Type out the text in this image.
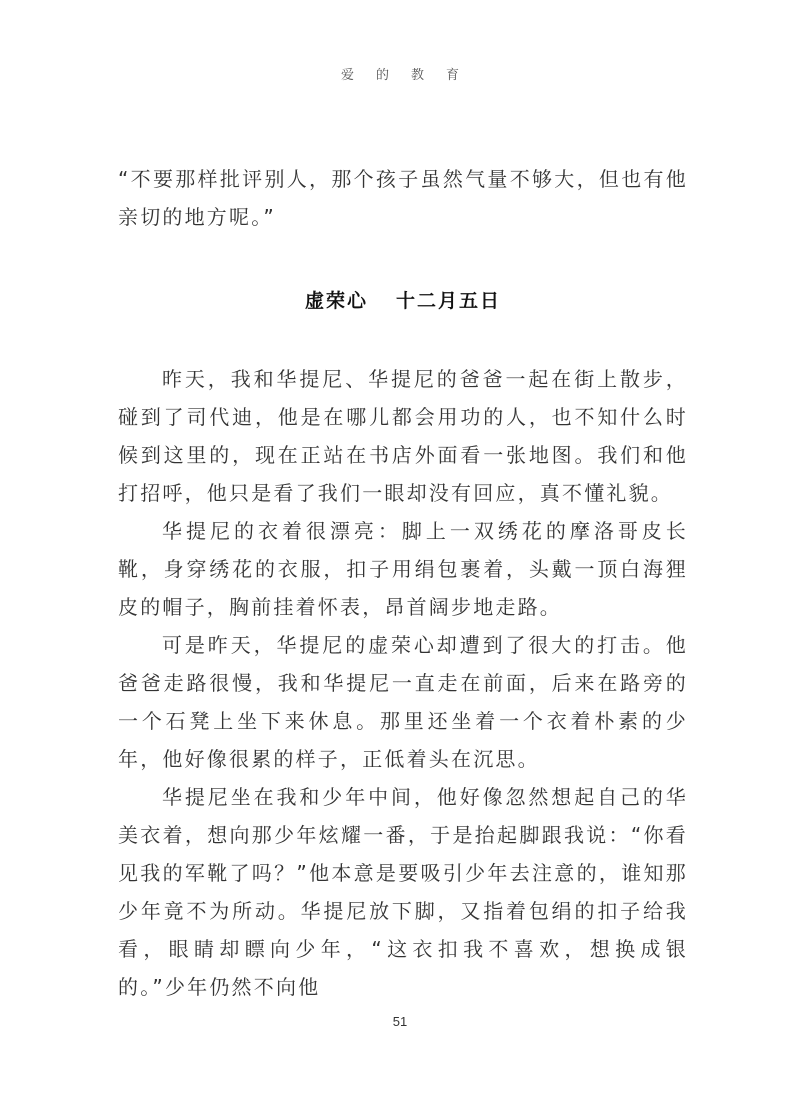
爱的教育

“不要那样批评别人，那个孩子虽然气量不够大，但也有他亲切的地方呢。”

虚荣心 十二月五日

昨天，我和华提尼、华提尼的爸爸一起在街上散步，碰到了司代迪，他是在哪儿都会用功的人，也不知什么时候到这里的，现在正站在书店外面看一张地图。我们和他打招呼，他只是看了我们一眼却没有回应，真不懂礼貌。

华提尼的衣着很漂亮：脚上一双绣花的摩洛哥皮长靴，身穿绣花的衣服，扣子用绢包裹着，头戴一顶白海狸皮的帽子，胸前挂着怀表，昂首阔步地走路。

可是昨天，华提尼的虚荣心却遭到了很大的打击。他爸爸走路很慢，我和华提尼一直走在前面，后来在路旁的一个石凳上坐下来休息。那里还坐着一个衣着朴素的少年，他好像很累的样子，正低着头在沉思。

华提尼坐在我和少年中间，他好像忽然想起自己的华美衣着，想向那少年炫耀一番，于是抬起脚跟我说：“你看见我的军靴了吗？”他本意是要吸引少年去注意的，谁知那少年竟不为所动。华提尼放下脚，又指着包绢的扣子给我看，眼睛却瞟向少年，“这衣扣我不喜欢，想换成银的。”少年仍然不向他

51
